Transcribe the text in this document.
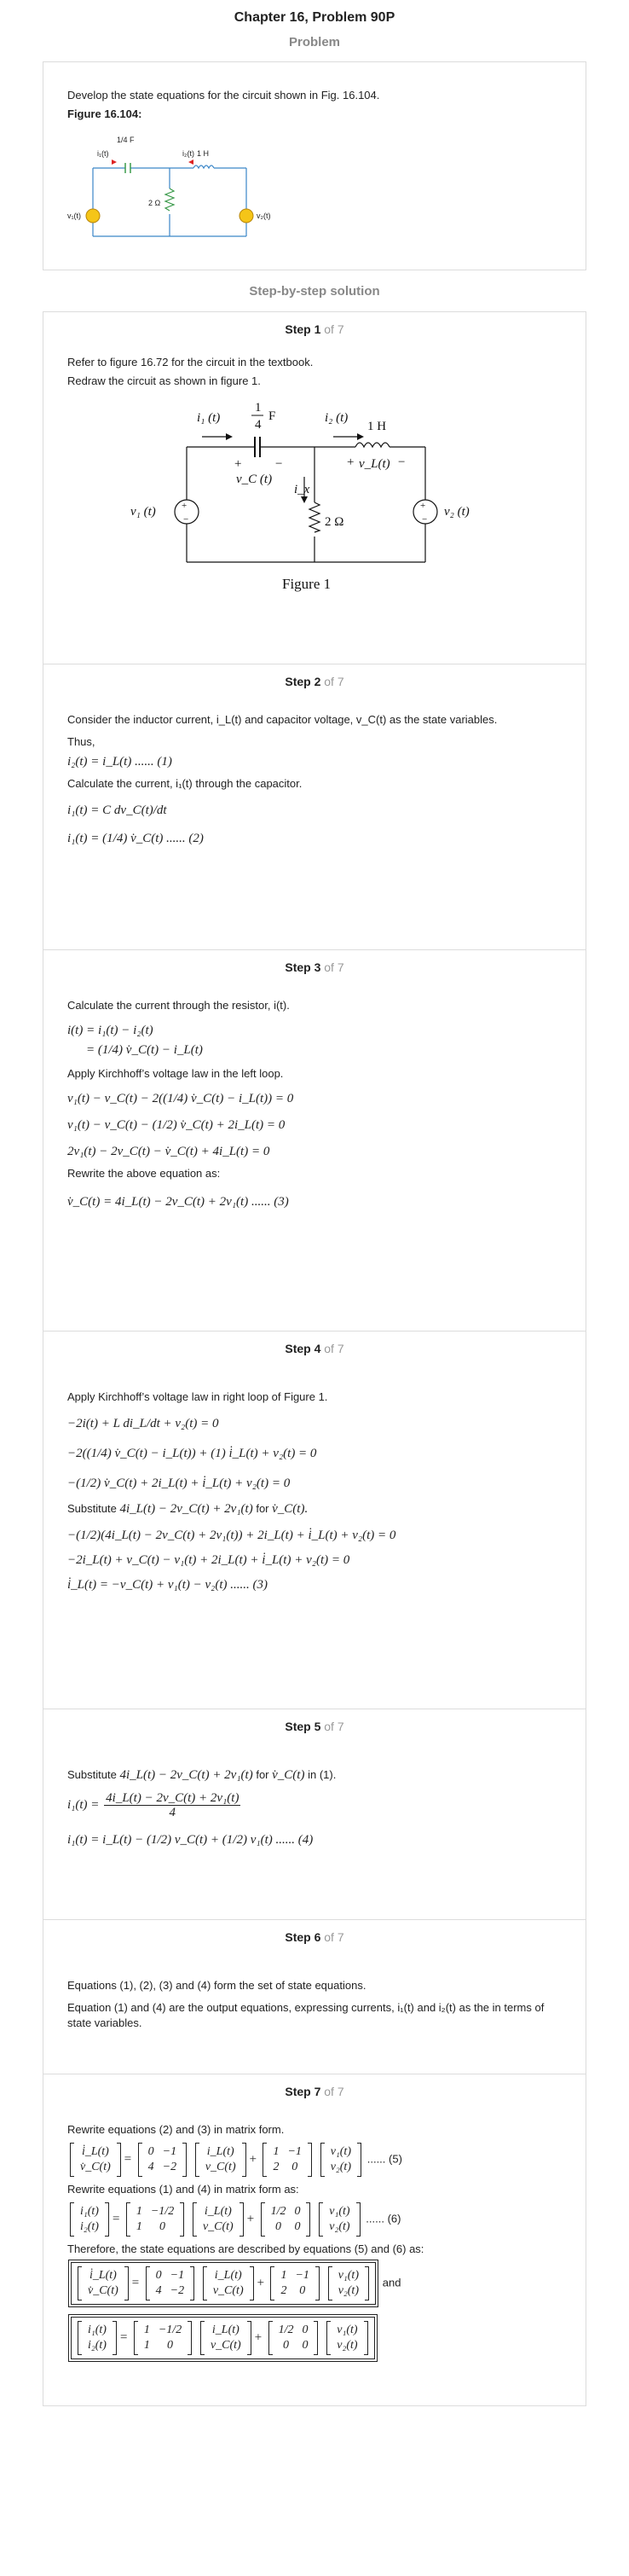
Chapter 16, Problem 90P
Problem

Develop the state equations for the circuit shown in Fig. 16.104.

Figure 16.104:

i₁(t)
1/4 F
i₂(t) 1 H
2 Ω
v₁(t)	v₂(t)
Step-by-step solution
Step 1 of 7

Refer to figure 16.72 for the circuit in the textbook.

Redraw the circuit as shown in figure 1.

i₁ (t)
1
4
F	i₂ (t)
1 H
+	−
v_C (t)
i_x
+	−
v_L(t)
2 Ω
+
−
+
−
v₁ (t)	v₂ (t)
Figure 1
Step 2 of 7

Consider the inductor current, i_L(t) and capacitor voltage, v_C(t) as the state variables.

Thus,

i₂(t) = i_L(t) ...... (1)

Calculate the current, i₁(t) through the capacitor.

i₁(t) = C dv_C(t)/dt
i₁(t) = (1/4) v̇_C(t) ...... (2)
Step 3 of 7

Calculate the current through the resistor, i(t).

i(t) = i₁(t) − i₂(t)
= (1/4) v̇_C(t) − i_L(t)

Apply Kirchhoff’s voltage law in the left loop.

v₁(t) − v_C(t) − 2((1/4) v̇_C(t) − i_L(t)) = 0
v₁(t) − v_C(t) − (1/2) v̇_C(t) + 2i_L(t) = 0
2v₁(t) − 2v_C(t) − v̇_C(t) + 4i_L(t) = 0

Rewrite the above equation as:

v̇_C(t) = 4i_L(t) − 2v_C(t) + 2v₁(t) ...... (3)
Step 4 of 7

Apply Kirchhoff’s voltage law in right loop of Figure 1.

−2i(t) + L di_L/dt + v₂(t) = 0
−2((1/4) v̇_C(t) − i_L(t)) + (1) i̇_L(t) + v₂(t) = 0
−(1/2) v̇_C(t) + 2i_L(t) + i̇_L(t) + v₂(t) = 0

Substitute 4i_L(t) − 2v_C(t) + 2v₁(t) for v̇_C(t).

−(1/2)(4i_L(t) − 2v_C(t) + 2v₁(t)) + 2i_L(t) + i̇_L(t) + v₂(t) = 0
−2i_L(t) + v_C(t) − v₁(t) + 2i_L(t) + i̇_L(t) + v₂(t) = 0
i̇_L(t) = −v_C(t) + v₁(t) − v₂(t) ...... (3)
Step 5 of 7

Substitute 4i_L(t) − 2v_C(t) + 2v₁(t) for v̇_C(t) in (1).

$i_1(t) = \frac{\text{4i\_L(t) − 2v\_C(t) + 2v₁(t)}}{4}$
i₁(t) = i_L(t) − (1/2) v_C(t) + (1/2) v₁(t) ...... (4)
Step 6 of 7

Equations (1), (2), (3) and (4) form the set of state equations.

Equation (1) and (4) are the output equations, expressing currents, i₁(t) and i₂(t) as the in terms of state variables.

Step 7 of 7

Rewrite equations (2) and (3) in matrix form.

i̇_L(t)
v̇_C(t)
=
0	−1
4	−2

i_L(t)
v_C(t)
+
1	−1
2	0

v₁(t)
v₂(t)
...... (5)

Rewrite equations (1) and (4) in matrix form as:

i₁(t)
i₂(t)
=
1	−1/2
1	0

i_L(t)
v_C(t)
+
1/2	0
0	0

v₁(t)
v₂(t)
...... (6)

Therefore, the state equations are described by equations (5) and (6) as:

i̇_L(t)
v̇_C(t)
=
0	−1
4	−2

i_L(t)
v_C(t)
+
1	−1
2	0

v₁(t)
v₂(t)
and
i₁(t)
i₂(t)
=
1	−1/2
1	0

i_L(t)
v_C(t)
+
1/2	0
0	0

v₁(t)
v₂(t)
